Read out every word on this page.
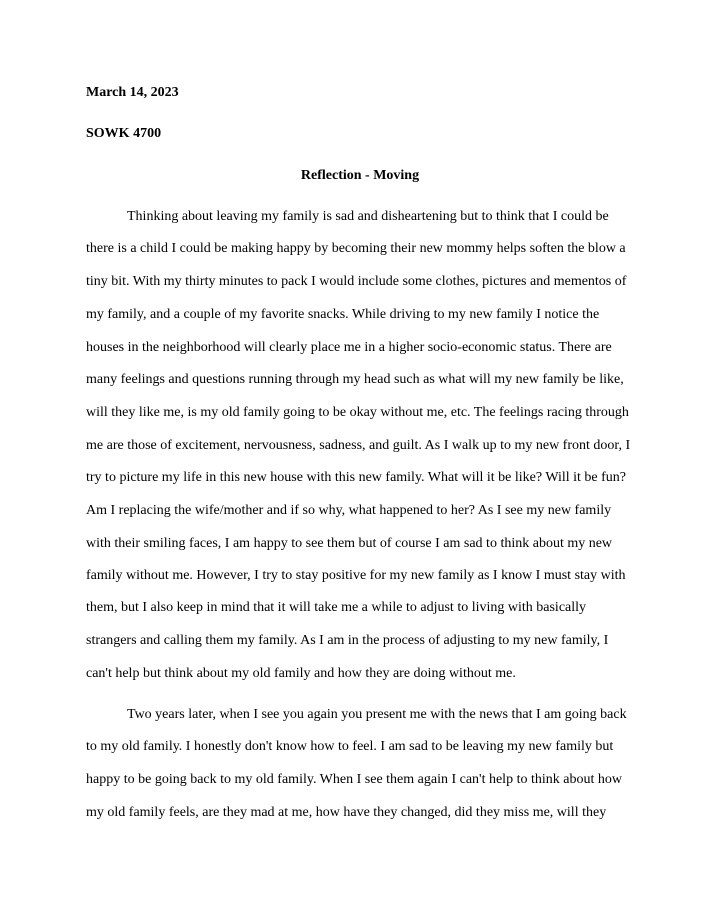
March 14, 2023
SOWK 4700
Reflection - Moving
Thinking about leaving my family is sad and disheartening but to think that I could be
there is a child I could be making happy by becoming their new mommy helps soften the blow a
tiny bit. With my thirty minutes to pack I would include some clothes, pictures and mementos of
my family, and a couple of my favorite snacks. While driving to my new family I notice the
houses in the neighborhood will clearly place me in a higher socio-economic status. There are
many feelings and questions running through my head such as what will my new family be like,
will they like me, is my old family going to be okay without me, etc. The feelings racing through
me are those of excitement, nervousness, sadness, and guilt. As I walk up to my new front door, I
try to picture my life in this new house with this new family. What will it be like? Will it be fun?
Am I replacing the wife/mother and if so why, what happened to her? As I see my new family
with their smiling faces, I am happy to see them but of course I am sad to think about my new
family without me. However, I try to stay positive for my new family as I know I must stay with
them, but I also keep in mind that it will take me a while to adjust to living with basically
strangers and calling them my family. As I am in the process of adjusting to my new family, I
can't help but think about my old family and how they are doing without me.
Two years later, when I see you again you present me with the news that I am going back
to my old family. I honestly don't know how to feel. I am sad to be leaving my new family but
happy to be going back to my old family. When I see them again I can't help to think about how
my old family feels, are they mad at me, how have they changed, did they miss me, will they
